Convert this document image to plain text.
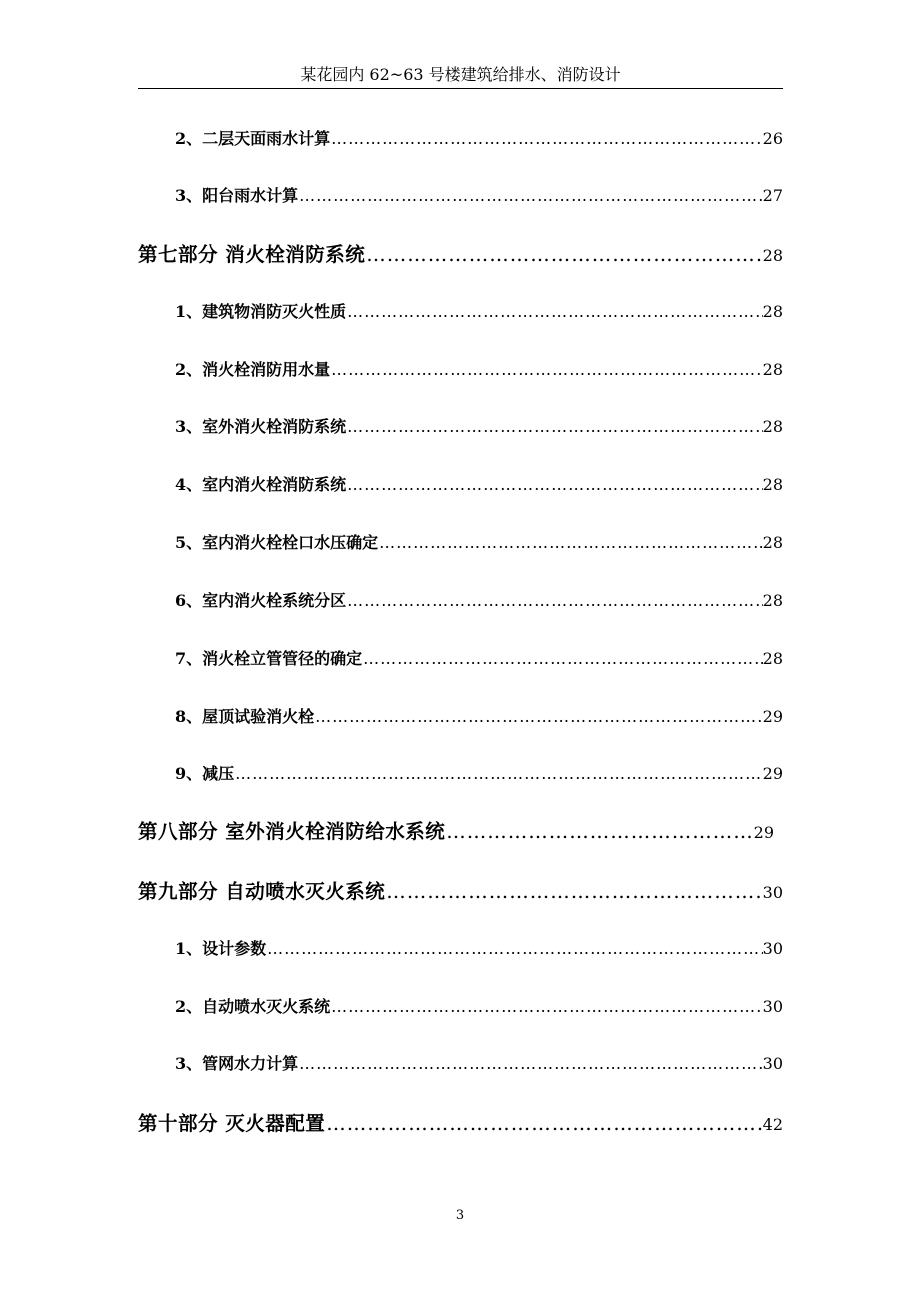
某花园内 62~63 号楼建筑给排水、消防设计
2、二层天面雨水计算 ……………………………………………………………………………………………………………………………………………………………………	26
3、阳台雨水计算 ……………………………………………………………………………………………………………………………………………………………………	27
第七部分 消火栓消防系统 ……………………………………………………………………………………………………………………………………………………………………	28
1、建筑物消防灭火性质 ……………………………………………………………………………………………………………………………………………………………………	28
2、消火栓消防用水量 ……………………………………………………………………………………………………………………………………………………………………	28
3、室外消火栓消防系统 ……………………………………………………………………………………………………………………………………………………………………	28
4、室内消火栓消防系统 ……………………………………………………………………………………………………………………………………………………………………	28
5、室内消火栓栓口水压确定 ……………………………………………………………………………………………………………………………………………………………………	28
6、室内消火栓系统分区 ……………………………………………………………………………………………………………………………………………………………………	28
7、消火栓立管管径的确定 ……………………………………………………………………………………………………………………………………………………………………	28
8、屋顶试验消火栓 ……………………………………………………………………………………………………………………………………………………………………	29
9、减压 ……………………………………………………………………………………………………………………………………………………………………	29
第八部分 室外消火栓消防给水系统 ……………………………………………………………………………………………………………………………………………………………………	29
第九部分 自动喷水灭火系统 ……………………………………………………………………………………………………………………………………………………………………	30
1、设计参数 ……………………………………………………………………………………………………………………………………………………………………	30
2、自动喷水灭火系统 ……………………………………………………………………………………………………………………………………………………………………	30
3、管网水力计算 ……………………………………………………………………………………………………………………………………………………………………	30
第十部分 灭火器配置 ……………………………………………………………………………………………………………………………………………………………………	42
3
